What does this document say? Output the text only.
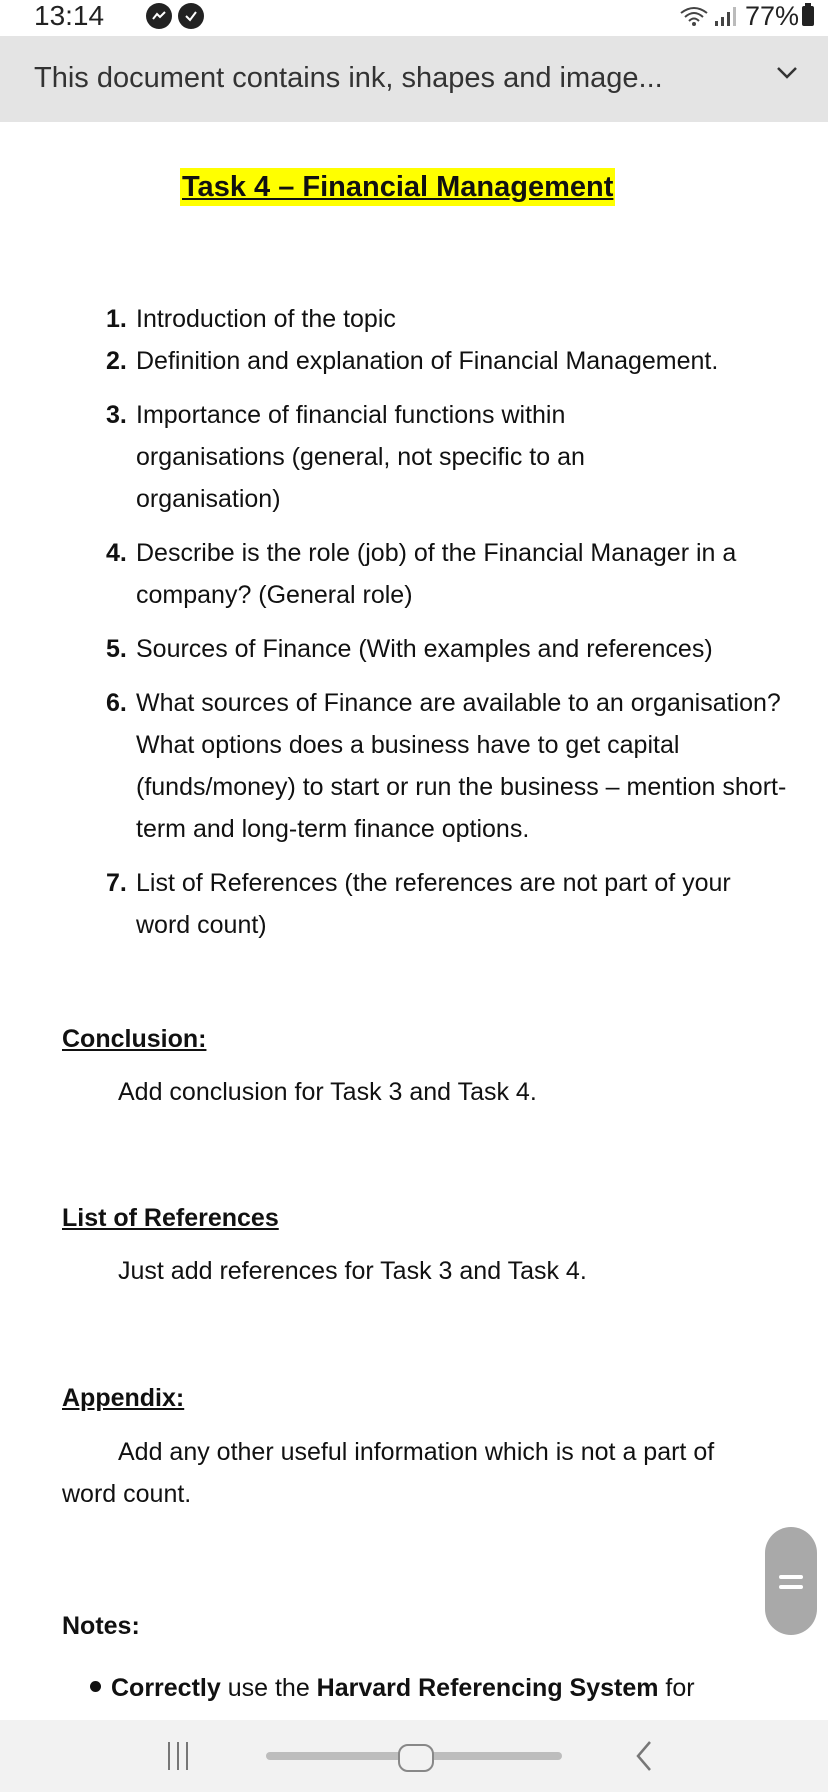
13:14	77%
This document contains ink, shapes and image...
Task 4 – Financial Management
1. Introduction of the topic
2. Definition and explanation of Financial Management.
3. Importance of financial functions within organisations (general, not specific to an organisation)
4. Describe is the role (job) of the Financial Manager in a company? (General role)
5. Sources of Finance (With examples and references)
6. What sources of Finance are available to an organisation? What options does a business have to get capital (funds/money) to start or run the business – mention short-term and long-term finance options.
7. List of References (the references are not part of your word count)
Conclusion:
Add conclusion for Task 3 and Task 4.
List of References
Just add references for Task 3 and Task 4.
Appendix:
Add any other useful information which is not a part of
word count.
Notes:
Correctly use the Harvard Referencing System for
